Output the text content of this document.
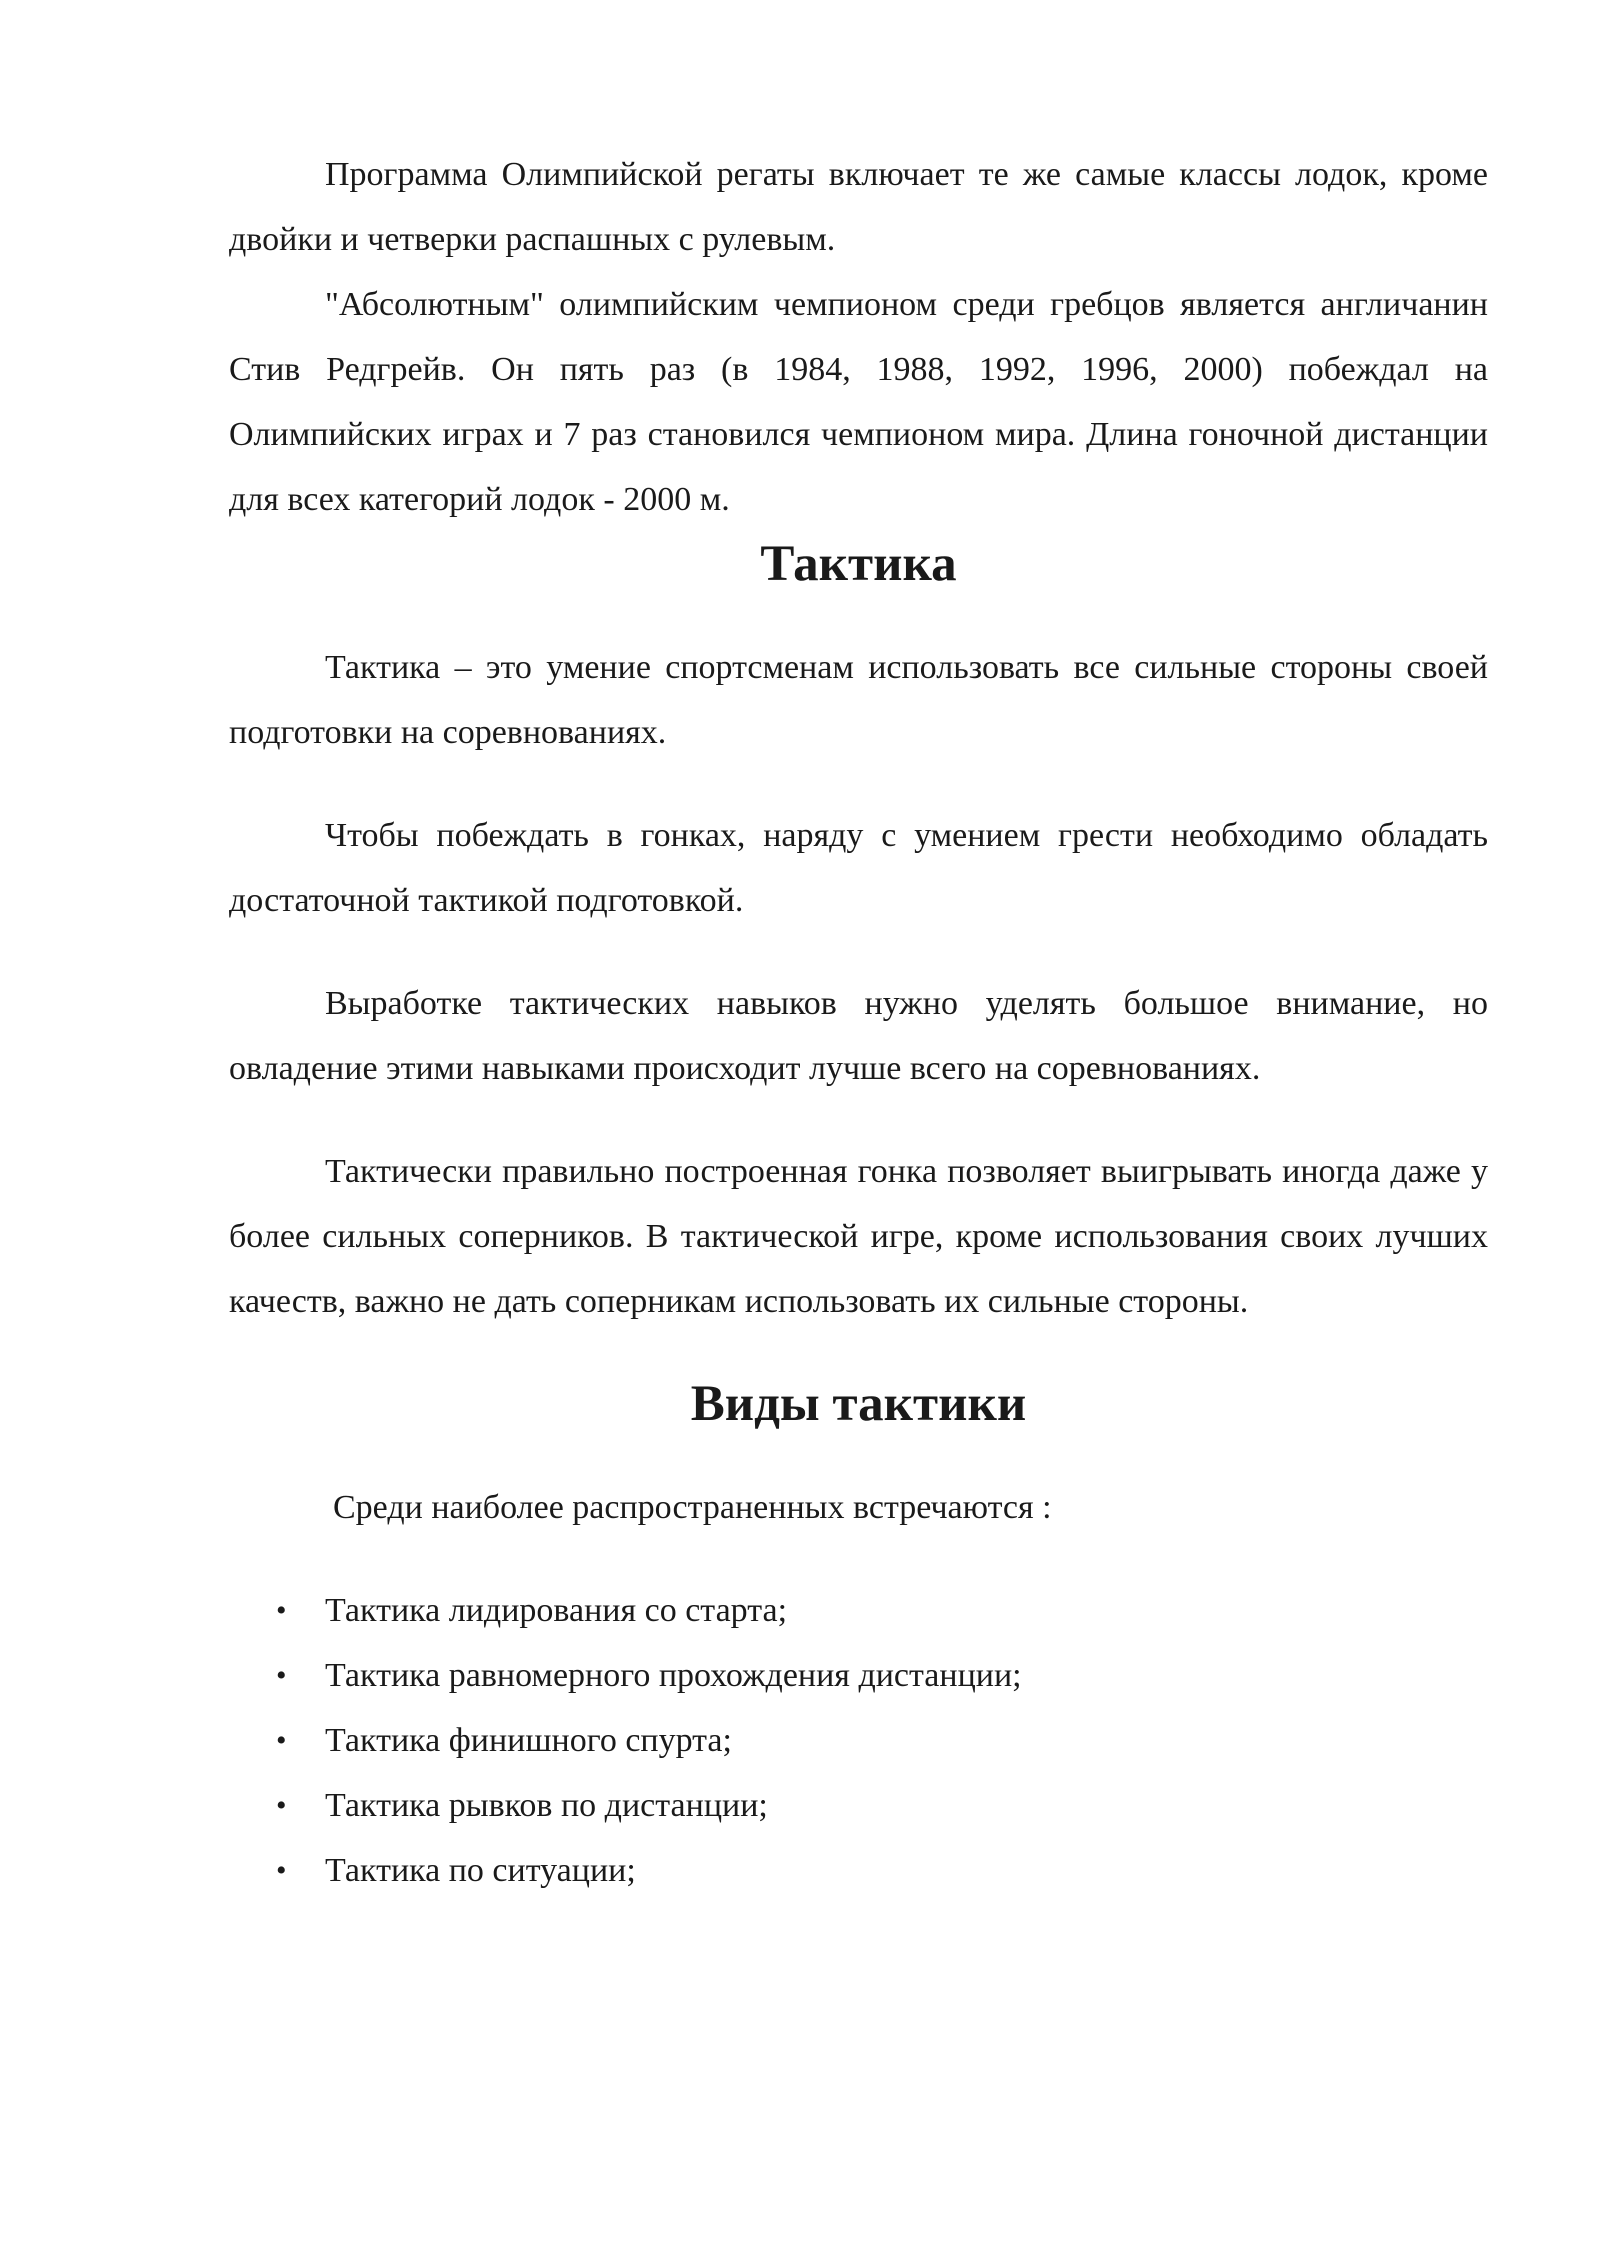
Программа Олимпийской регаты включает те же самые классы лодок, кроме двойки и четверки распашных с рулевым.

"Абсолютным" олимпийским чемпионом среди гребцов является англичанин Стив Редгрейв. Он пять раз (в 1984, 1988, 1992, 1996, 2000) побеждал на Олимпийских играх и 7 раз становился чемпионом мира. Длина гоночной дистанции для всех категорий лодок - 2000 м.

Тактика

Тактика – это умение спортсменам использовать все сильные стороны своей подготовки на соревнованиях.

Чтобы побеждать в гонках, наряду с умением грести необходимо обладать достаточной тактикой подготовкой.

Выработке тактических навыков нужно уделять большое внимание, но овладение этими навыками происходит лучше всего на соревнованиях.

Тактически правильно построенная гонка позволяет выигрывать иногда даже у более сильных соперников. В тактической игре, кроме использования своих лучших качеств, важно не дать соперникам использовать их сильные стороны.

Виды тактики

Среди наиболее распространенных встречаются :

• Тактика лидирования со старта;
• Тактика равномерного прохождения дистанции;
• Тактика финишного спурта;
• Тактика рывков по дистанции;
• Тактика по ситуации;
